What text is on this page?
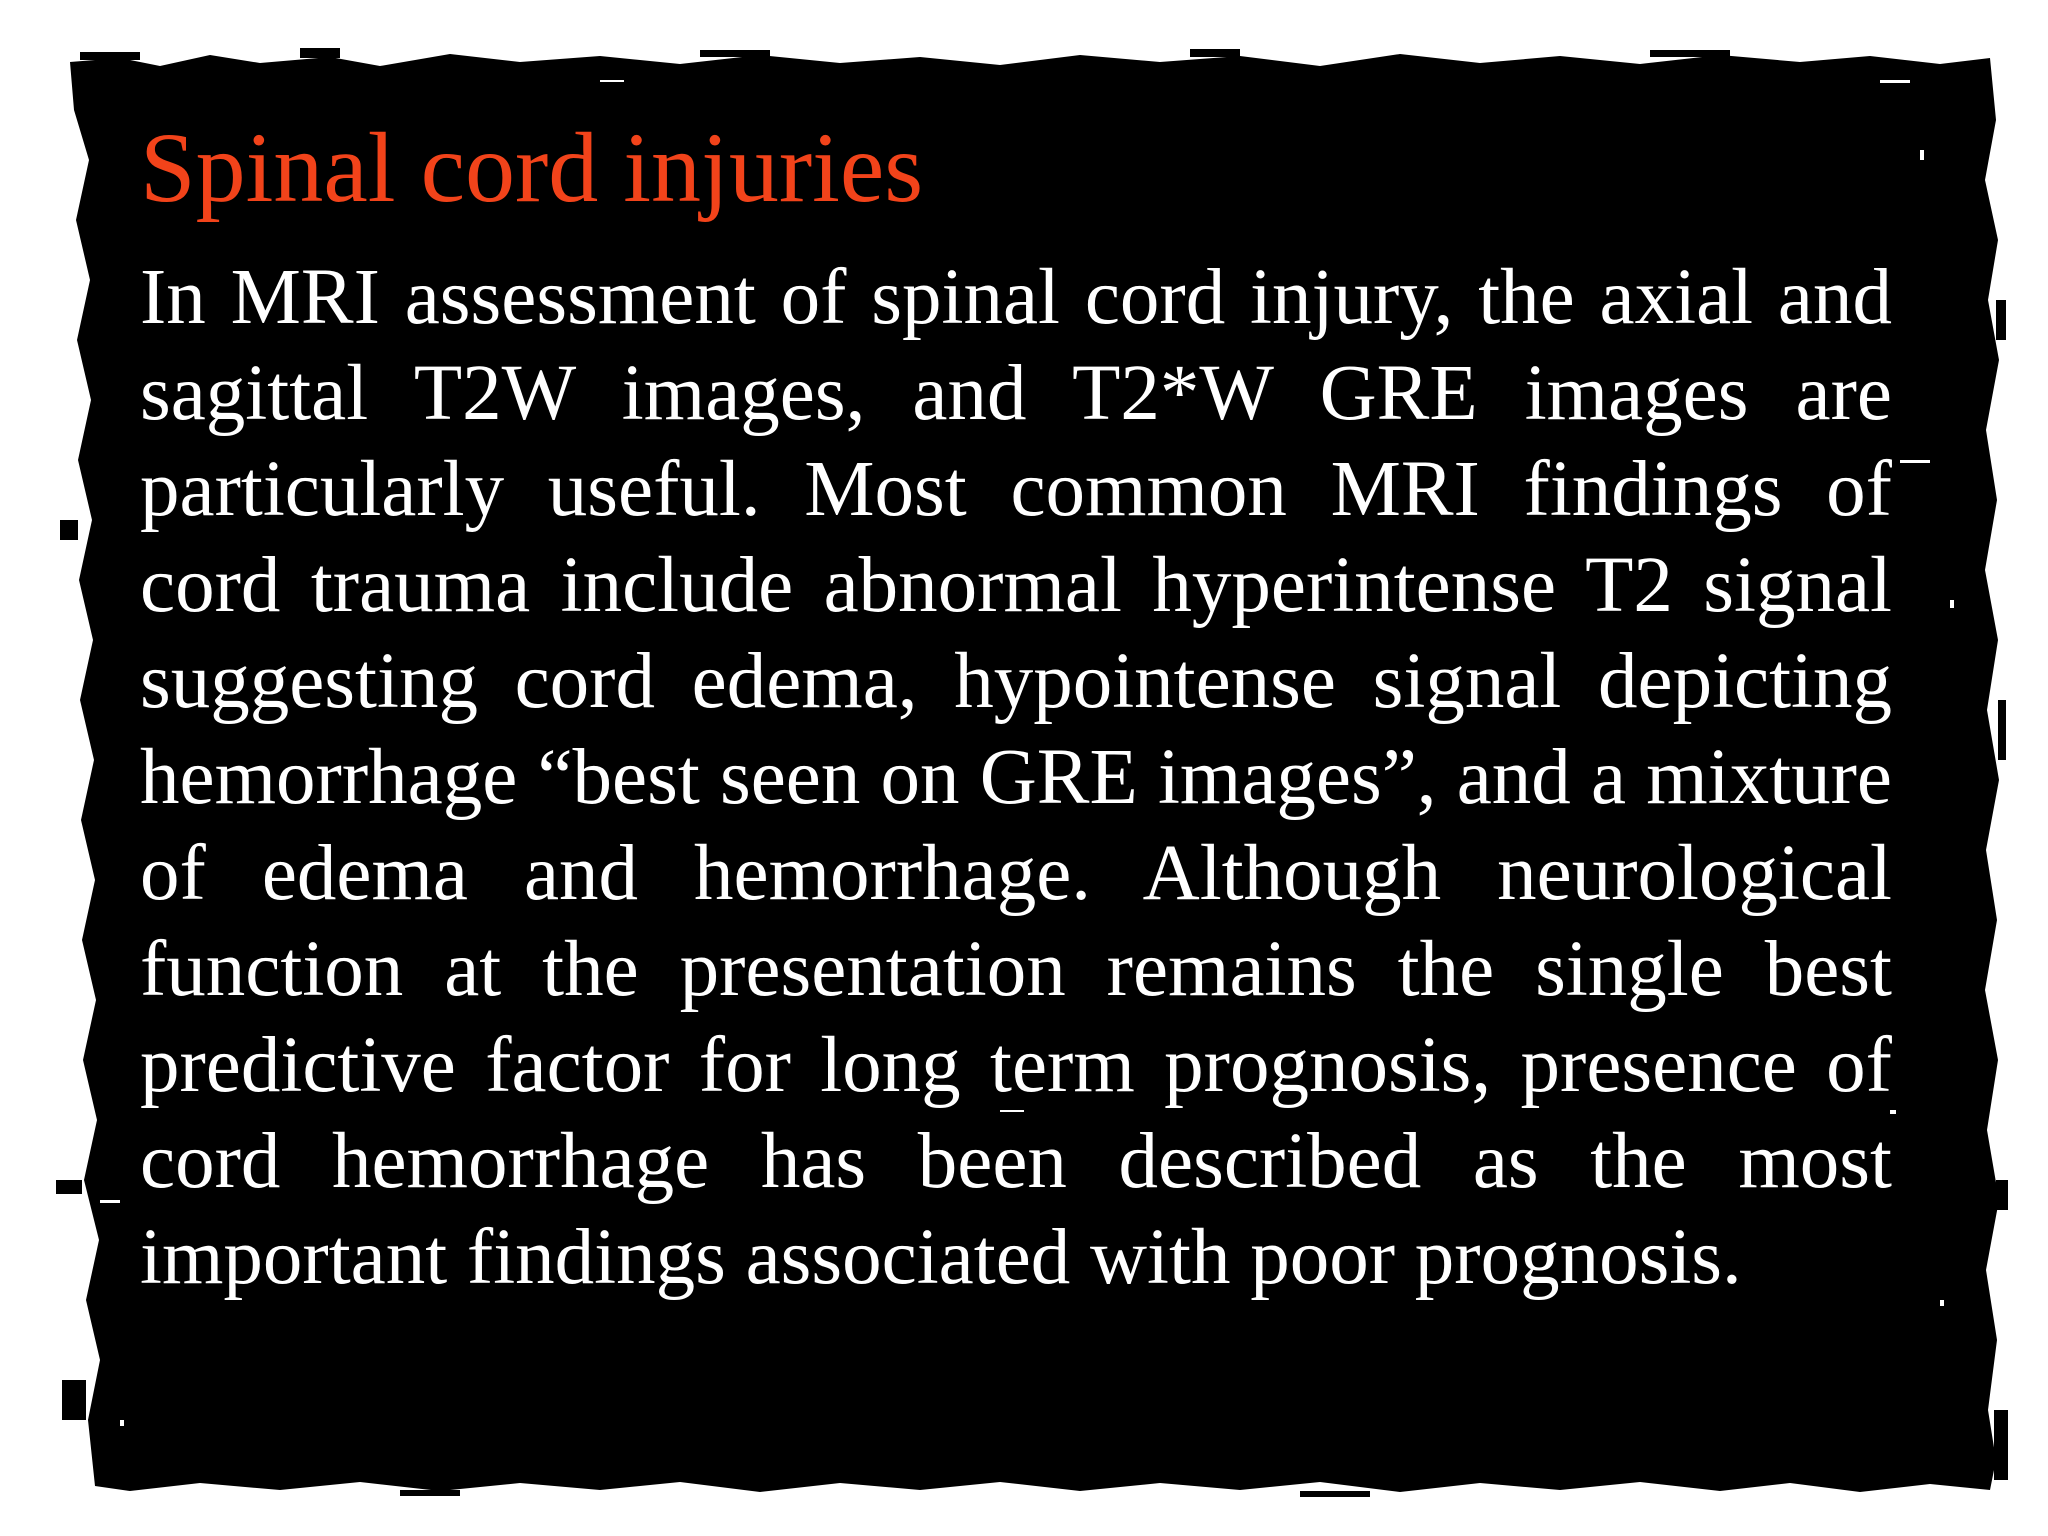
Spinal cord injuries

In MRI assessment of spinal cord injury, the axial and sagittal T2W images, and T2*W GRE images are particularly useful. Most common MRI findings of cord trauma include abnormal hyperintense T2 signal suggesting cord edema, hypointense signal depicting hemorrhage “best seen on GRE images”, and a mixture of edema and hemorrhage. Although neurological function at the presentation remains the single best predictive factor for long term prognosis, presence of cord hemorrhage has been described as the most important findings associated with poor prognosis.
